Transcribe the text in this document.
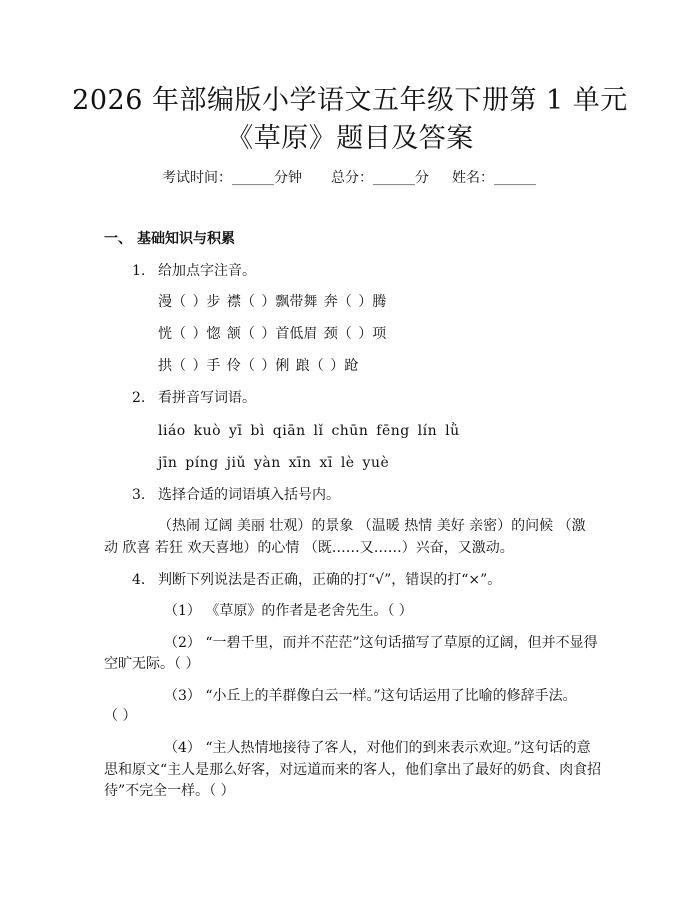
2026 年部编版小学语文五年级下册第 1 单元
《草原》题目及答案
考试时间：______分钟 总分：______分 姓名：______
一、 基础知识与积累
1. 给加点字注音。
漫（ ）步 襟（ ）飘带舞 奔（ ）腾
恍（ ）惚 颔（ ）首低眉 颈（ ）项
拱（ ）手 伶（ ）俐 踉（ ）跄
2. 看拼音写词语。
liáo kuò yī bì qiān lǐ chūn fēng lín lǜ
jīn píng jiǔ yàn xīn xī lè yuè
3. 选择合适的词语填入括号内。
（热闹 辽阔 美丽 壮观）的景象 （温暖 热情 美好 亲密）的问候 （激
动 欣喜 若狂 欢天喜地）的心情 （既……又……）兴奋，又激动。
4. 判断下列说法是否正确，正确的打“√”，错误的打“×”。
（1） 《草原》的作者是老舍先生。（ ）
（2） “一碧千里，而并不茫茫”这句话描写了草原的辽阔，但并不显得
空旷无际。（ ）
（3） “小丘上的羊群像白云一样。”这句话运用了比喻的修辞手法。
（ ）
（4） “主人热情地接待了客人，对他们的到来表示欢迎。”这句话的意
思和原文“主人是那么好客，对远道而来的客人，他们拿出了最好的奶食、肉食招
待”不完全一样。（ ）
